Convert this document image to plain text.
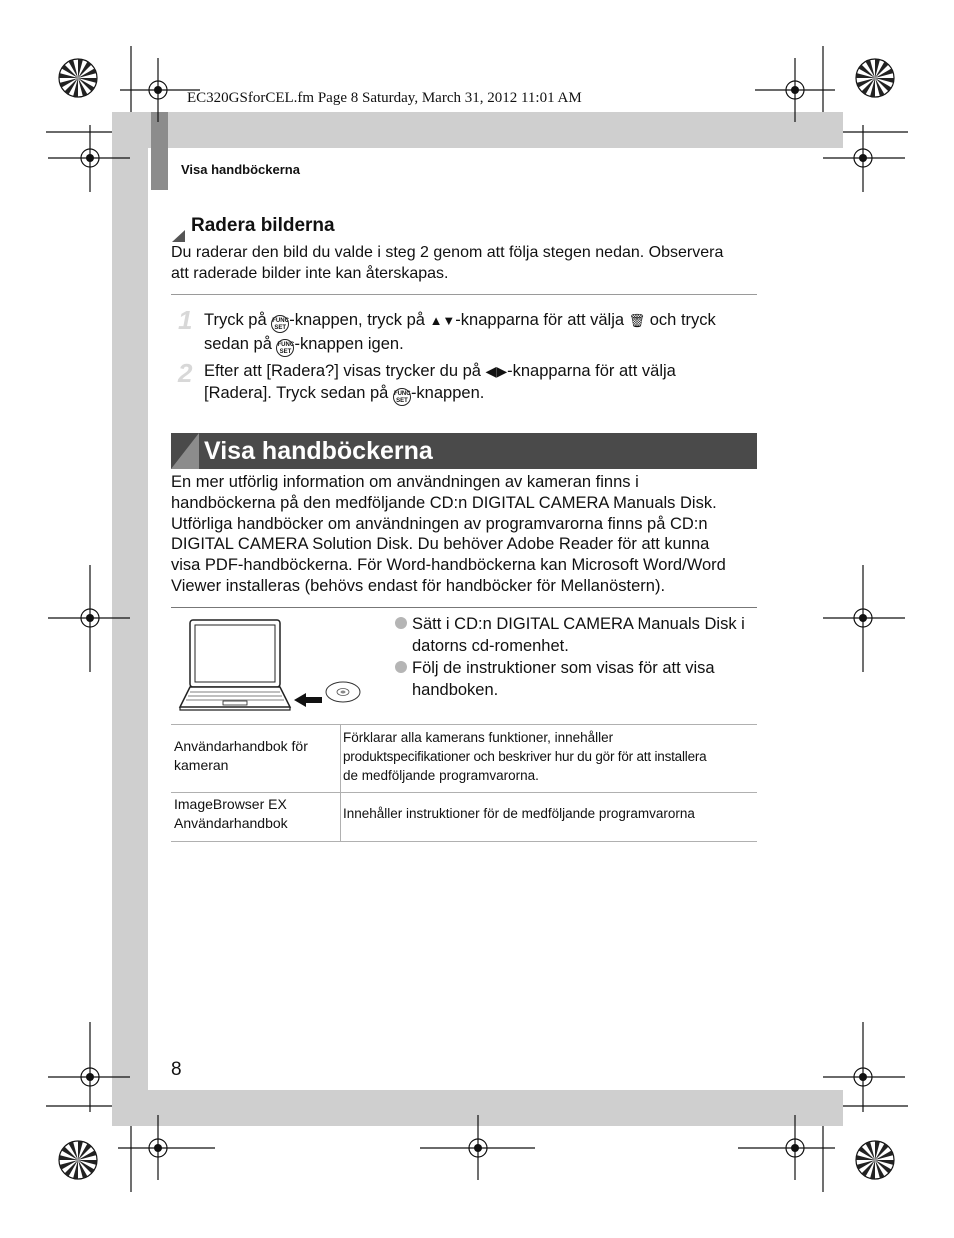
EC320GSforCEL.fm Page 8 Saturday, March 31, 2012 11:01 AM
Visa handböckerna
Radera bilderna
Du raderar den bild du valde i steg 2 genom att följa stegen nedan. Observera
att raderade bilder inte kan återskapas.
1 Tryck på FUNC
SET -knappen, tryck på ▲▼-knapparna för att välja 🗑 och tryck
sedan på FUNC
SET -knappen igen.
2 Efter att [Radera?] visas trycker du på ◀▶-knapparna för att välja
[Radera]. Tryck sedan på FUNC
SET -knappen.
Visa handböckerna
En mer utförlig information om användningen av kameran finns i
handböckerna på den medföljande CD:n DIGITAL CAMERA Manuals Disk.
Utförliga handböcker om användningen av programvarorna finns på CD:n
DIGITAL CAMERA Solution Disk. Du behöver Adobe Reader för att kunna
visa PDF-handböckerna. För Word-handböckerna kan Microsoft Word/Word
Viewer installeras (behövs endast för handböcker för Mellanöstern).
Sätt i CD:n DIGITAL CAMERA Manuals Disk i
datorns cd-romenhet.
Följ de instruktioner som visas för att visa
handboken.
Användarhandbok för
kameran
Förklarar alla kamerans funktioner, innehåller
produktspecifikationer och beskriver hur du gör för att installera
de medföljande programvarorna.
ImageBrowser EX
Användarhandbok
Innehåller instruktioner för de medföljande programvarorna
8
